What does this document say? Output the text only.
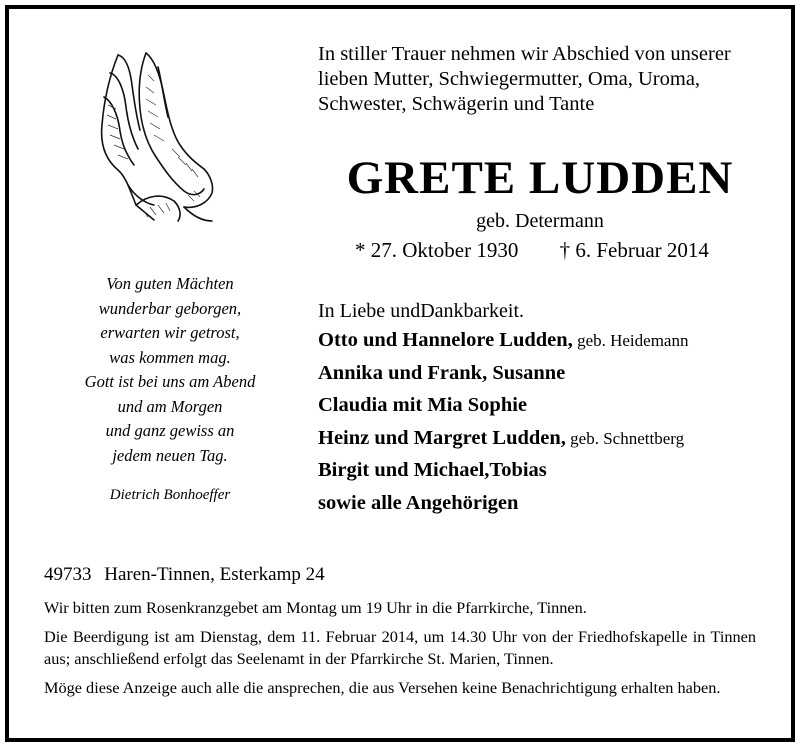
In stiller Trauer nehmen wir Abschied von unserer
lieben Mutter, Schwiegermutter, Oma, Uroma,
Schwester, Schwägerin und Tante

GRETE LUDDEN

geb. Determann

* 27. Oktober 1930 † 6. Februar 2014

Von guten Mächten
wunderbar geborgen,
erwarten wir getrost,
was kommen mag.
Gott ist bei uns am Abend
und am Morgen
und ganz gewiss an
jedem neuen Tag.

Dietrich Bonhoeffer

In Liebe undDankbarkeit.
Otto und Hannelore Ludden, geb. Heidemann
Annika und Frank, Susanne
Claudia mit Mia Sophie
Heinz und Margret Ludden, geb. Schnettberg
Birgit und Michael,Tobias
sowie alle Angehörigen

49733 Haren-Tinnen, Esterkamp 24

Wir bitten zum Rosenkranzgebet am Montag um 19 Uhr in die Pfarrkirche, Tinnen.

Die Beerdigung ist am Dienstag, dem 11. Februar 2014, um 14.30 Uhr von der Friedhofskapelle in Tinnen aus; anschließend erfolgt das Seelenamt in der Pfarrkirche St. Marien, Tinnen.

Möge diese Anzeige auch alle die ansprechen, die aus Versehen keine Benachrichtigung erhalten haben.
